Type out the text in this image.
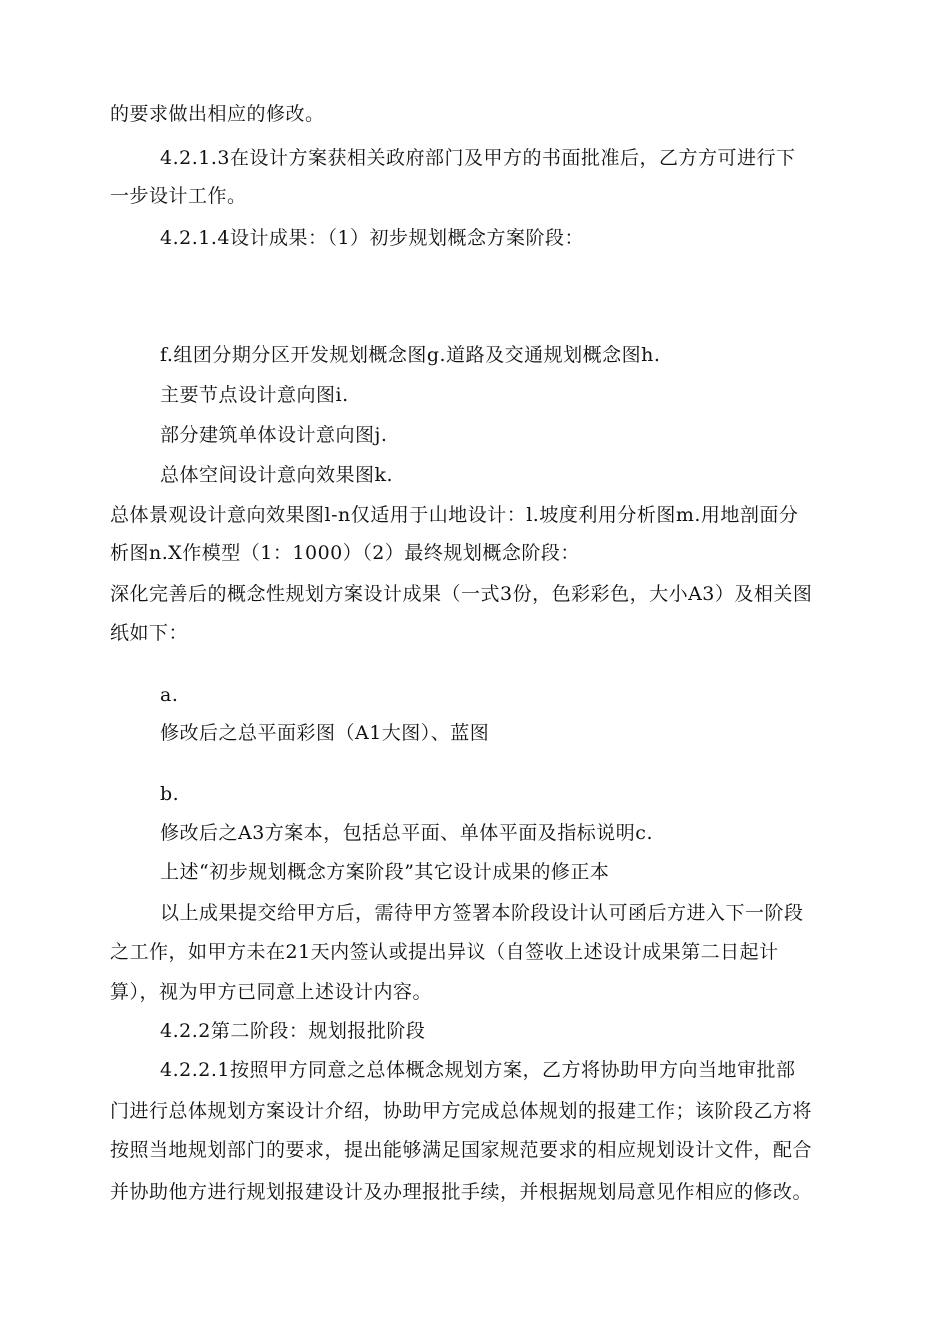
的要求做出相应的修改。
4.2.1.3在设计方案获相关政府部门及甲方的书面批准后，乙方方可进行下
一步设计工作。
4.2.1.4设计成果：（1）初步规划概念方案阶段：
f.组团分期分区开发规划概念图g.道路及交通规划概念图h.
主要节点设计意向图i.
部分建筑单体设计意向图j.
总体空间设计意向效果图k.
总体景观设计意向效果图l-n仅适用于山地设计：l.坡度利用分析图m.用地剖面分
析图n.X作模型（1：1000）（2）最终规划概念阶段：
深化完善后的概念性规划方案设计成果（一式3份，色彩彩色，大小A3）及相关图
纸如下：
a.
修改后之总平面彩图（A1大图）、蓝图
b.
修改后之A3方案本，包括总平面、单体平面及指标说明c.
上述“初步规划概念方案阶段”其它设计成果的修正本
以上成果提交给甲方后，需待甲方签署本阶段设计认可函后方进入下一阶段
之工作，如甲方未在21天内签认或提出异议（自签收上述设计成果第二日起计
算），视为甲方已同意上述设计内容。
4.2.2第二阶段：规划报批阶段
4.2.2.1按照甲方同意之总体概念规划方案，乙方将协助甲方向当地审批部
门进行总体规划方案设计介绍，协助甲方完成总体规划的报建工作；该阶段乙方将
按照当地规划部门的要求，提出能够满足国家规范要求的相应规划设计文件，配合
并协助他方进行规划报建设计及办理报批手续，并根据规划局意见作相应的修改。
